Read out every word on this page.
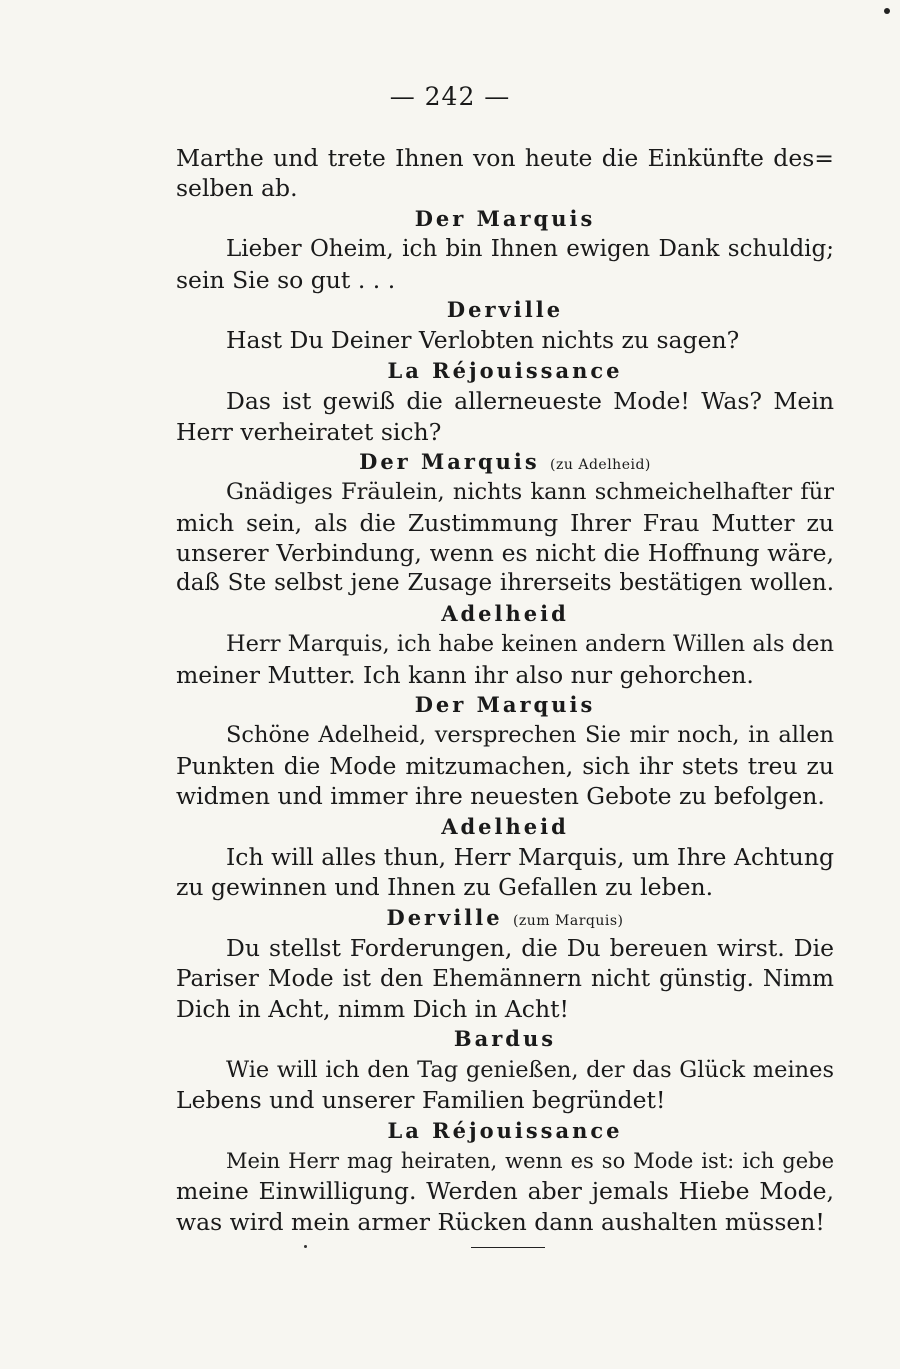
— 242 —
Marthe und trete Ihnen von heute die Einkünfte des=
selben ab.
Der Marquis
Lieber Oheim, ich bin Ihnen ewigen Dank schuldig;
sein Sie so gut . . .
Derville
Hast Du Deiner Verlobten nichts zu sagen?
La Réjouissance
Das ist gewiß die allerneueste Mode! Was? Mein
Herr verheiratet sich?
Der Marquis (zu Adelheid)
Gnädiges Fräulein, nichts kann schmeichelhafter für
mich sein, als die Zustimmung Ihrer Frau Mutter zu
unserer Verbindung, wenn es nicht die Hoffnung wäre,
daß Ste selbst jene Zusage ihrerseits bestätigen wollen.
Adelheid
Herr Marquis, ich habe keinen andern Willen als den
meiner Mutter. Ich kann ihr also nur gehorchen.
Der Marquis
Schöne Adelheid, versprechen Sie mir noch, in allen
Punkten die Mode mitzumachen, sich ihr stets treu zu
widmen und immer ihre neuesten Gebote zu befolgen.
Adelheid
Ich will alles thun, Herr Marquis, um Ihre Achtung
zu gewinnen und Ihnen zu Gefallen zu leben.
Derville (zum Marquis)
Du stellst Forderungen, die Du bereuen wirst. Die
Pariser Mode ist den Ehemännern nicht günstig. Nimm
Dich in Acht, nimm Dich in Acht!
Bardus
Wie will ich den Tag genießen, der das Glück meines
Lebens und unserer Familien begründet!
La Réjouissance
Mein Herr mag heiraten, wenn es so Mode ist: ich gebe
meine Einwilligung. Werden aber jemals Hiebe Mode,
was wird mein armer Rücken dann aushalten müssen!
